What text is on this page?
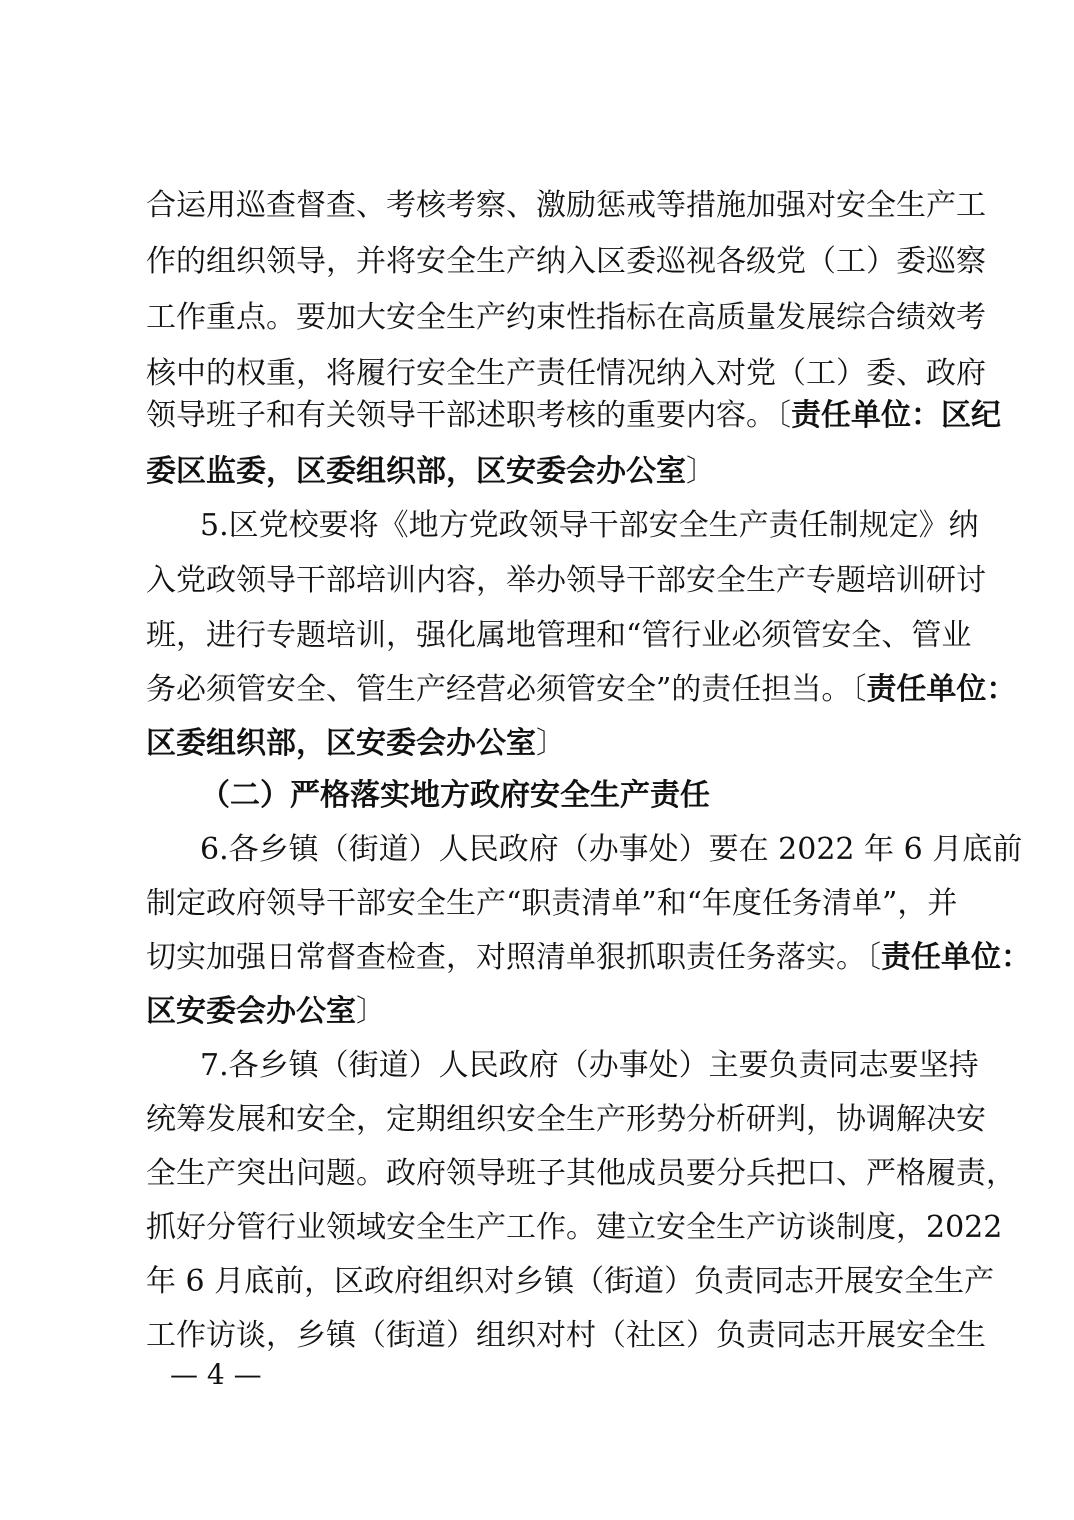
合运用巡查督查、考核考察、激励惩戒等措施加强对安全生产工
作的组织领导，并将安全生产纳入区委巡视各级党（工）委巡察
工作重点。要加大安全生产约束性指标在高质量发展综合绩效考
核中的权重，将履行安全生产责任情况纳入对党（工）委、政府
领导班子和有关领导干部述职考核的重要内容。〔责任单位：区纪
委区监委，区委组织部，区安委会办公室〕
5.区党校要将《地方党政领导干部安全生产责任制规定》纳
入党政领导干部培训内容，举办领导干部安全生产专题培训研讨
班，进行专题培训，强化属地管理和“管行业必须管安全、管业
务必须管安全、管生产经营必须管安全”的责任担当。〔责任单位：
区委组织部，区安委会办公室〕
（二）严格落实地方政府安全生产责任
6.各乡镇（街道）人民政府（办事处）要在 2022 年 6 月底前
制定政府领导干部安全生产“职责清单”和“年度任务清单”，并
切实加强日常督查检查，对照清单狠抓职责任务落实。〔责任单位：
区安委会办公室〕
7.各乡镇（街道）人民政府（办事处）主要负责同志要坚持
统筹发展和安全，定期组织安全生产形势分析研判，协调解决安
全生产突出问题。政府领导班子其他成员要分兵把口、严格履责，
抓好分管行业领域安全生产工作。建立安全生产访谈制度，2022
年 6 月底前，区政府组织对乡镇（街道）负责同志开展安全生产
工作访谈，乡镇（街道）组织对村（社区）负责同志开展安全生
— 4 —
